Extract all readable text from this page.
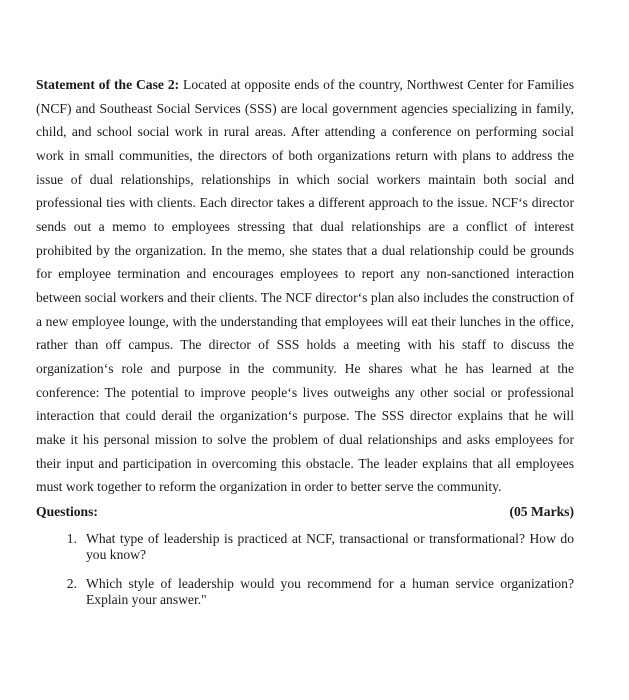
Statement of the Case 2: Located at opposite ends of the country, Northwest Center for Families (NCF) and Southeast Social Services (SSS) are local government agencies specializing in family, child, and school social work in rural areas. After attending a conference on performing social work in small communities, the directors of both organizations return with plans to address the issue of dual relationships, relationships in which social workers maintain both social and professional ties with clients. Each director takes a different approach to the issue. NCF‘s director sends out a memo to employees stressing that dual relationships are a conflict of interest prohibited by the organization. In the memo, she states that a dual relationship could be grounds for employee termination and encourages employees to report any non-sanctioned interaction between social workers and their clients. The NCF director‘s plan also includes the construction of a new employee lounge, with the understanding that employees will eat their lunches in the office, rather than off campus. The director of SSS holds a meeting with his staff to discuss the organization‘s role and purpose in the community. He shares what he has learned at the conference: The potential to improve people‘s lives outweighs any other social or professional interaction that could derail the organization‘s purpose. The SSS director explains that he will make it his personal mission to solve the problem of dual relationships and asks employees for their input and participation in overcoming this obstacle. The leader explains that all employees must work together to reform the organization in order to better serve the community.

Questions:	(05 Marks)
1. What type of leadership is practiced at NCF, transactional or transformational? How do you know?
2. Which style of leadership would you recommend for a human service organization? Explain your answer."
